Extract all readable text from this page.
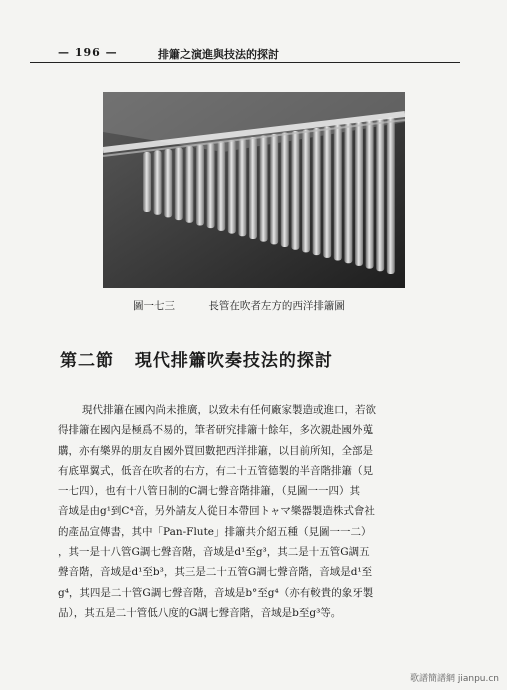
— 196 —	排簫之演進與技法的探討
圖一七三	長管在吹者左方的西洋排簫圖
第二節 現代排簫吹奏技法的探討
現代排簫在國內尚未推廣，以致未有任何廠家製造或進口，若欲
得排簫在國內是極爲不易的，筆者研究排簫十餘年，多次親赴國外蒐
購，亦有樂界的朋友自國外買回數把西洋排簫，以目前所知，全部是
有底單翼式，低音在吹者的右方，有二十五管德製的半音階排簫（見
一七四），也有十八管日制的C調七聲音階排簫，（見圖一一四）其
音域是由g¹到C⁴音，另外請友人從日本帶回トャマ樂器製造株式會社
的產品宣傳書，其中「Pan-Flute」排簫共介紹五種（見圖一一二）
，其一是十八管G調七聲音階，音域是d¹至g³，其二是十五管G調五
聲音階，音域是d¹至b³，其三是二十五管G調七聲音階，音域是d¹至
g⁴，其四是二十管G調七聲音階，音域是b°至g⁴（亦有較貴的象牙製
品），其五是二十管低八度的G調七聲音階，音域是b至g³等。
歌譜簡譜網 jianpu.cn
